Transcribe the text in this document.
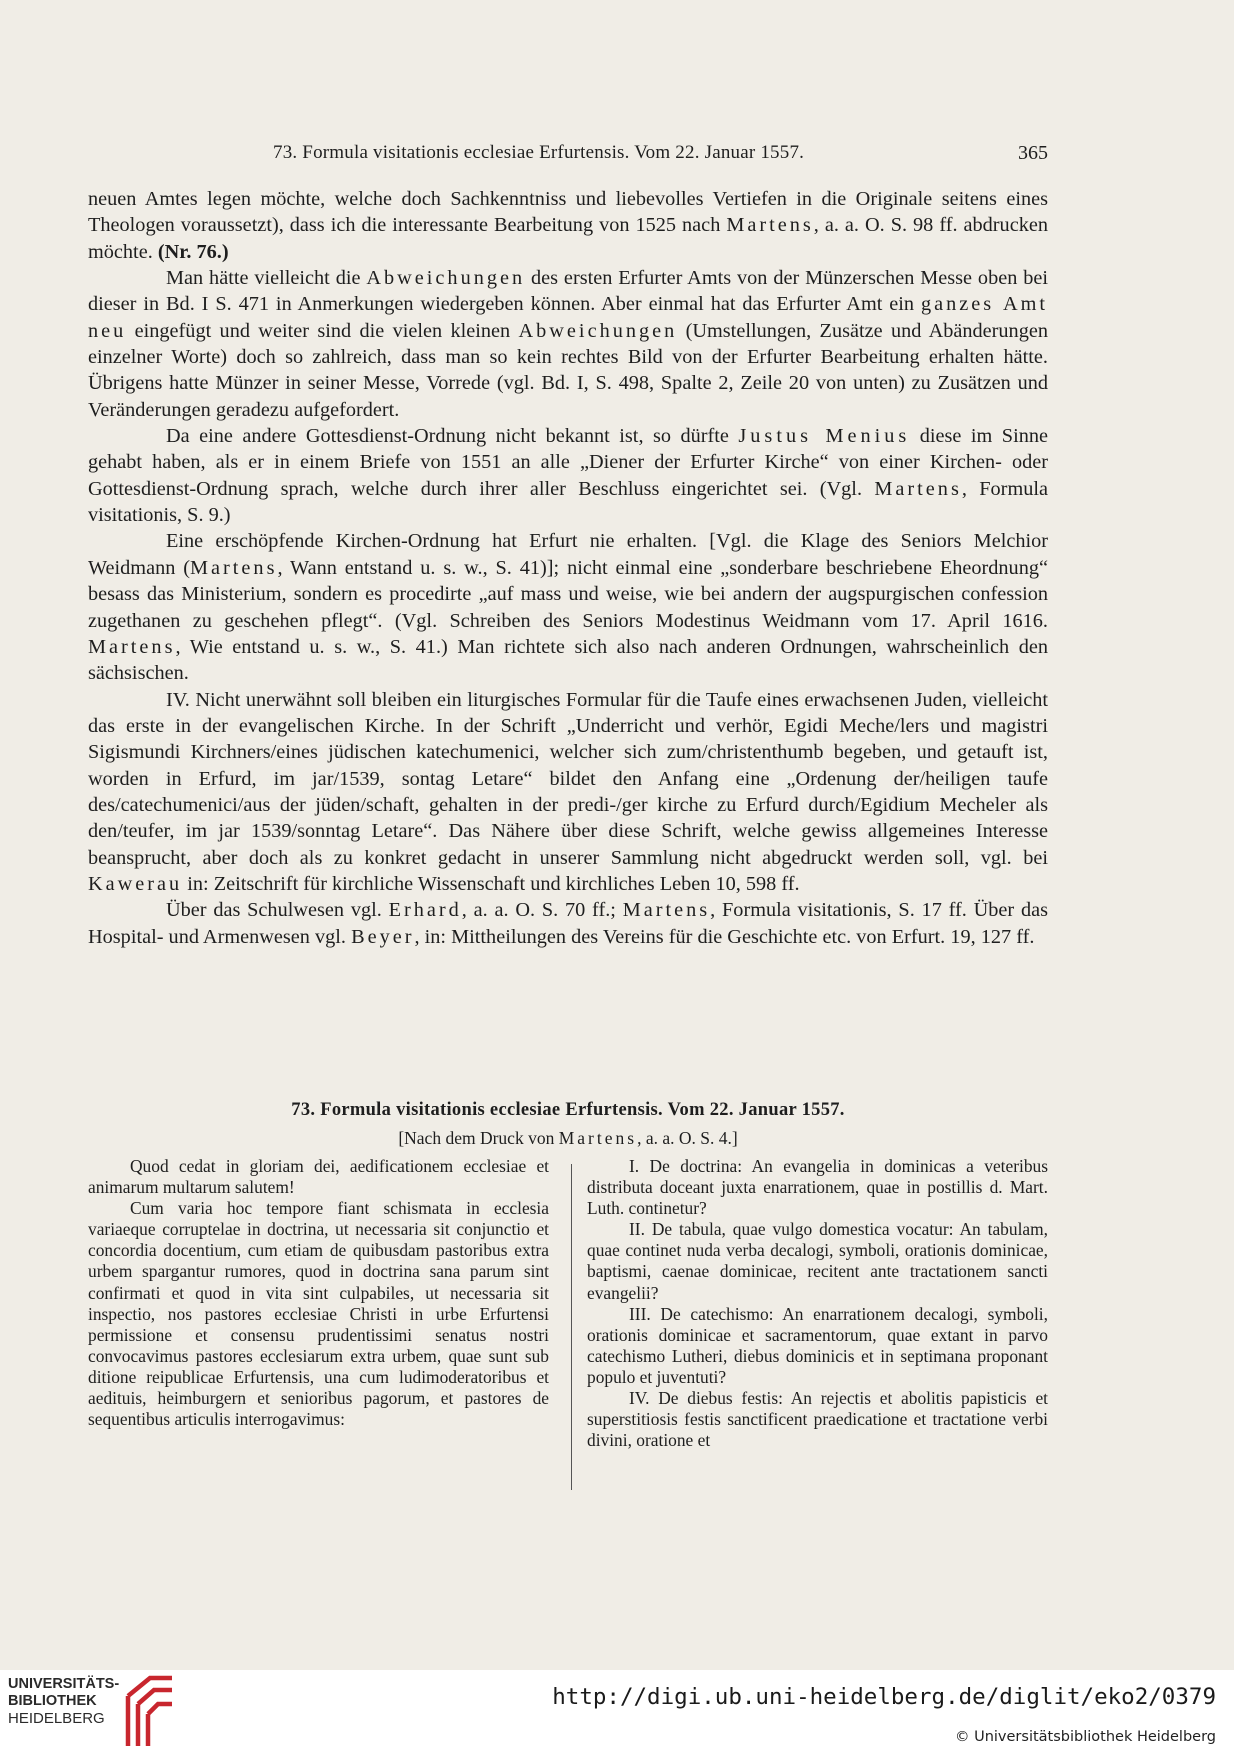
73. Formula visitationis ecclesiae Erfurtensis. Vom 22. Januar 1557.	365

neuen Amtes legen möchte, welche doch Sachkenntniss und liebevolles Vertiefen in die Originale seitens eines Theologen voraussetzt), dass ich die interessante Bearbeitung von 1525 nach Martens, a. a. O. S. 98 ff. abdrucken möchte. (Nr. 76.)

Man hätte vielleicht die Abweichungen des ersten Erfurter Amts von der Münzerschen Messe oben bei dieser in Bd. I S. 471 in Anmerkungen wiedergeben können. Aber einmal hat das Erfurter Amt ein ganzes Amt neu eingefügt und weiter sind die vielen kleinen Abweichungen (Umstellungen, Zusätze und Abänderungen einzelner Worte) doch so zahlreich, dass man so kein rechtes Bild von der Erfurter Bearbeitung erhalten hätte. Übrigens hatte Münzer in seiner Messe, Vorrede (vgl. Bd. I, S. 498, Spalte 2, Zeile 20 von unten) zu Zusätzen und Veränderungen geradezu aufgefordert.

Da eine andere Gottesdienst-Ordnung nicht bekannt ist, so dürfte Justus Menius diese im Sinne gehabt haben, als er in einem Briefe von 1551 an alle „Diener der Erfurter Kirche“ von einer Kirchen- oder Gottesdienst-Ordnung sprach, welche durch ihrer aller Beschluss eingerichtet sei. (Vgl. Martens, Formula visitationis, S. 9.)

Eine erschöpfende Kirchen-Ordnung hat Erfurt nie erhalten. [Vgl. die Klage des Seniors Melchior Weidmann (Martens, Wann entstand u. s. w., S. 41)]; nicht einmal eine „sonderbare beschriebene Eheordnung“ besass das Ministerium, sondern es procedirte „auf mass und weise, wie bei andern der augspurgischen confession zugethanen zu geschehen pflegt“. (Vgl. Schreiben des Seniors Modestinus Weidmann vom 17. April 1616. Martens, Wie entstand u. s. w., S. 41.) Man richtete sich also nach anderen Ordnungen, wahrscheinlich den sächsischen.

IV. Nicht unerwähnt soll bleiben ein liturgisches Formular für die Taufe eines erwachsenen Juden, vielleicht das erste in der evangelischen Kirche. In der Schrift „Underricht und verhör, Egidi Meche/lers und magistri Sigismundi Kirchners/eines jüdischen katechumenici, welcher sich zum/christenthumb begeben, und getauft ist, worden in Erfurd, im jar/1539, sontag Letare“ bildet den Anfang eine „Ordenung der/heiligen taufe des/catechumenici/aus der jüden/schaft, gehalten in der predi-/ger kirche zu Erfurd durch/Egidium Mecheler als den/teufer, im jar 1539/sonntag Letare“. Das Nähere über diese Schrift, welche gewiss allgemeines Interesse beansprucht, aber doch als zu konkret gedacht in unserer Sammlung nicht abgedruckt werden soll, vgl. bei Kawerau in: Zeitschrift für kirchliche Wissenschaft und kirchliches Leben 10, 598 ff.

Über das Schulwesen vgl. Erhard, a. a. O. S. 70 ff.; Martens, Formula visitationis, S. 17 ff. Über das Hospital- und Armenwesen vgl. Beyer, in: Mittheilungen des Vereins für die Geschichte etc. von Erfurt. 19, 127 ff.

73. Formula visitationis ecclesiae Erfurtensis. Vom 22. Januar 1557.
[Nach dem Druck von Martens, a. a. O. S. 4.]

Quod cedat in gloriam dei, aedificationem ecclesiae et animarum multarum salutem!

Cum varia hoc tempore fiant schismata in ecclesia variaeque corruptelae in doctrina, ut necessaria sit conjunctio et concordia docentium, cum etiam de quibusdam pastoribus extra urbem spargantur rumores, quod in doctrina sana parum sint confirmati et quod in vita sint culpabiles, ut necessaria sit inspectio, nos pastores ecclesiae Christi in urbe Erfurtensi permissione et consensu prudentissimi senatus nostri convocavimus pastores ecclesiarum extra urbem, quae sunt sub ditione reipublicae Erfurtensis, una cum ludimoderatoribus et aedituis, heimburgern et senioribus pagorum, et pastores de sequentibus articulis interrogavimus:

I. De doctrina: An evangelia in dominicas a veteribus distributa doceant juxta enarrationem, quae in postillis d. Mart. Luth. continetur?

II. De tabula, quae vulgo domestica vocatur: An tabulam, quae continet nuda verba decalogi, symboli, orationis dominicae, baptismi, caenae dominicae, recitent ante tractationem sancti evangelii?

III. De catechismo: An enarrationem decalogi, symboli, orationis dominicae et sacramentorum, quae extant in parvo catechismo Lutheri, diebus dominicis et in septimana proponant populo et juventuti?

IV. De diebus festis: An rejectis et abolitis papisticis et superstitiosis festis sanctificent praedicatione et tractatione verbi divini, oratione et

UNIVERSITÄTS-
BIBLIOTHEK
HEIDELBERG
http://digi.ub.uni-heidelberg.de/diglit/eko2/0379
© Universitätsbibliothek Heidelberg
